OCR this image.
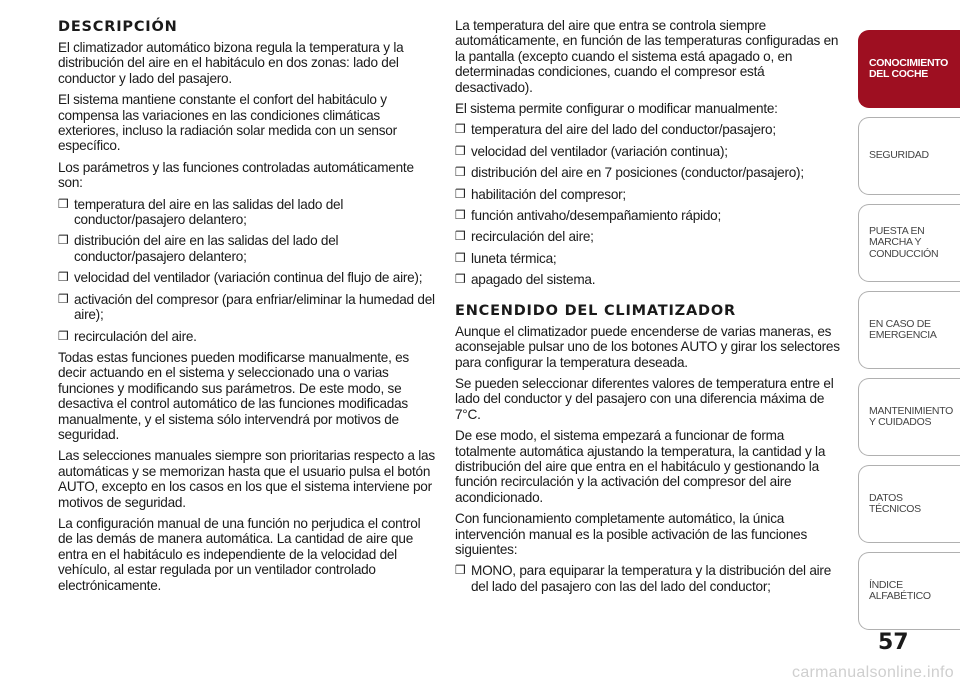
DESCRIPCIÓN

El climatizador automático bizona regula la temperatura y la distribución del aire en el habitáculo en dos zonas: lado del conductor y lado del pasajero.

El sistema mantiene constante el confort del habitáculo y compensa las variaciones en las condiciones climáticas exteriores, incluso la radiación solar medida con un sensor específico.

Los parámetros y las funciones controladas automáticamente son:

❒ temperatura del aire en las salidas del lado del conductor/pasajero delantero;
❒ distribución del aire en las salidas del lado del conductor/pasajero delantero;
❒ velocidad del ventilador (variación continua del flujo de aire);
❒ activación del compresor (para enfriar/eliminar la humedad del aire);
❒ recirculación del aire.

Todas estas funciones pueden modificarse manualmente, es decir actuando en el sistema y seleccionado una o varias funciones y modificando sus parámetros. De este modo, se desactiva el control automático de las funciones modificadas manualmente, y el sistema sólo intervendrá por motivos de seguridad.

Las selecciones manuales siempre son prioritarias respecto a las automáticas y se memorizan hasta que el usuario pulsa el botón AUTO, excepto en los casos en los que el sistema interviene por motivos de seguridad.

La configuración manual de una función no perjudica el control de las demás de manera automática. La cantidad de aire que entra en el habitáculo es independiente de la velocidad del vehículo, al estar regulada por un ventilador controlado electrónicamente.

La temperatura del aire que entra se controla siempre automáticamente, en función de las temperaturas configuradas en la pantalla (excepto cuando el sistema está apagado o, en determinadas condiciones, cuando el compresor está desactivado).

El sistema permite configurar o modificar manualmente:

❒ temperatura del aire del lado del conductor/pasajero;
❒ velocidad del ventilador (variación continua);
❒ distribución del aire en 7 posiciones (conductor/pasajero);
❒ habilitación del compresor;
❒ función antivaho/desempañamiento rápido;
❒ recirculación del aire;
❒ luneta térmica;
❒ apagado del sistema.
ENCENDIDO DEL CLIMATIZADOR

Aunque el climatizador puede encenderse de varias maneras, es aconsejable pulsar uno de los botones AUTO y girar los selectores para configurar la temperatura deseada.

Se pueden seleccionar diferentes valores de temperatura entre el lado del conductor y del pasajero con una diferencia máxima de 7°C.

De ese modo, el sistema empezará a funcionar de forma totalmente automática ajustando la temperatura, la cantidad y la distribución del aire que entra en el habitáculo y gestionando la función recirculación y la activación del compresor del aire acondicionado.

Con funcionamiento completamente automático, la única intervención manual es la posible activación de las funciones siguientes:

❒ MONO, para equiparar la temperatura y la distribución del aire del lado del pasajero con las del lado del conductor;
CONOCIMIENTO DEL COCHE
SEGURIDAD
PUESTA EN MARCHA Y CONDUCCIÓN
EN CASO DE EMERGENCIA
MANTENIMIENTO Y CUIDADOS
DATOS TÉCNICOS
ÍNDICE ALFABÉTICO
57
carmanualsonline.info
